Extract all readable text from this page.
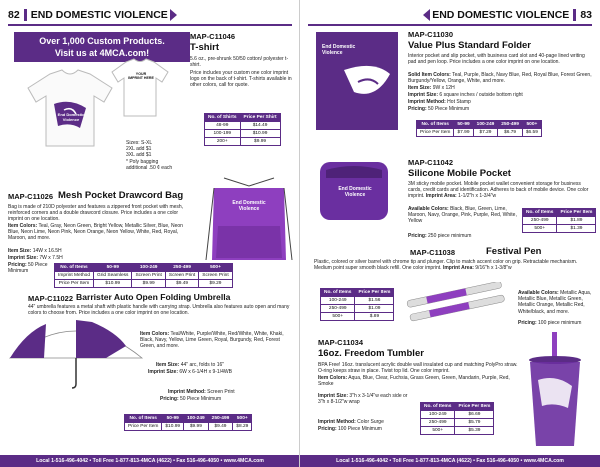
82 END DOMESTIC VIOLENCE
Over 1,000 Custom Products.
Visit us at 4MCA.com!
End Domestic Violence
YOUR IMPRINT HERE
MAP-C11046
T-shirt
5.6 oz., pre-shrunk 50/50 cotton/ polyester t-shirt.
Price includes your custom one color imprint logo on the back of t-shirt. T-shirts available in other colors, call for quote.
Sizes: S-XL
2XL add $1
3XL add $1
* Poly bagging
additional .50 ¢ each
No. of Shirts	Price Per Shirt
48-99	$14.49
100-199	$10.99
200+	$9.99
MAP-C11026 Mesh Pocket Drawcord Bag
Bag is made of 210D polyester and features a zippered front pocket with mesh, reinforced corners and a double drawcord closure. Price includes a one color imprint on one location.
Item Colors: Teal, Gray, Neon Green, Bright Yellow, Metallic Silver, Blue, Neon Blue, Neon Lime, Neon Pink, Neon Orange, Neon Yellow, White, Red, Royal, Maroon, and more.
Item Size: 14W x 16.5H
Imprint Size: 7W x 7.5H
Pricing: 50 Piece Minimum
End Domestic Violence
No. of Items	50-99	100-249	250-499	500+
Imprint Method	Grid Seamless	Screen Print	Screen Print	Screen Print
Price Per Item	$10.99	$9.99	$9.49	$9.29
MAP-C11022 Barrister Auto Open Folding Umbrella
44" umbrella features a metal shaft with plastic handle with carrying strap. Umbrella also features auto open and many colors to choose from. Price includes a one color imprint on one location.
Item Colors: Teal/White, Purple/White, Red/White, White, Khaki, Black, Navy, Yellow, Lime Green, Royal, Burgundy, Red, Forest Green, and more.
Item Size: 44" arc, folds to 16"
Imprint Size: 6W x 6-1/4H x 9-1/4WB
Imprint Method: Screen Print
Pricing: 50 Piece Minimum
No. of Items	50-99	100-249	250-499	500+
Price Per Item	$10.99	$9.99	$9.49	$8.29
Local 1-516-496-4042 • Toll Free 1-877-813-4MCA (4622) • Fax 516-496-4050 • www.4MCA.com
END DOMESTIC VIOLENCE 83
End Domestic Violence
MAP-C11030
Value Plus Standard Folder
Interior pocket and slip pocket, with business card slot and 40-page lined writing pad and pen loop. Price includes a one color imprint on one location.
Solid Item Colors: Teal, Purple, Black, Navy Blue, Red, Royal Blue, Forest Green, Burgundy/Yellow, Orange, White, and more.
Item Size: 9W x 12H
Imprint Size: 6 square inches / outside bottom right
Imprint Method: Hot Stamp
Pricing: 50 Piece Minimum
No. of Items	50-99	100-249	250-499	500+
Price Per Item	$7.99	$7.29	$6.79	$6.59
End Domestic Violence
MAP-C11042
Silicone Mobile Pocket
3M sticky mobile pocket. Mobile pocket wallet convenient storage for business cards, credit cards and identification. Adheres to back of mobile device. One color imprint. Imprint Area: 1-1/2"h x 1-3/4"w
Available Colors: Black, Blue, Green, Lime, Maroon, Navy, Orange, Pink, Purple, Red, White, Yellow
Pricing: 250 piece minimum
No. of Items	Price Per Item
250-499	$1.89
500+	$1.39
MAP-C11038	Festival Pen
Plastic, colored or silver barrel with chrome tip and plunger. Clip to match accent color on grip. Retractable mechanism. Medium point super smooth black refill. One color imprint. Imprint Area: 9/16"h x 1-3/8"w
No. of Items	Price Per Item
100-249	$1.56
250-499	$1.09
500+	$.89
Available Colors: Metallic Aqua, Metallic Blue, Metallic Green, Metallic Orange, Metallic Red, White/black, and more.
Pricing: 100 piece minimum
MAP-C11034
16oz. Freedom Tumbler
BPA Free! 16oz. translucent acrylic double wall insulated cup and matching PolyPro straw. O-ring keeps straw in place. Twist top lid. One color imprint.
Item Colors: Aqua, Blue, Clear, Fuchsia, Grass Green, Green, Mandarin, Purple, Red, Smoke
Imprint Size: 3"h x 3-1/4"w each side or 3"h x 8-1/2"w wrap
Imprint Method: Color Surge
Pricing: 100 Piece Minimum
No. of Items	Price Per Item
100-249	$6.69
250-499	$5.79
500+	$5.39
Local 1-516-496-4042 • Toll Free 1-877-813-4MCA (4622) • Fax 516-496-4050 • www.4MCA.com
